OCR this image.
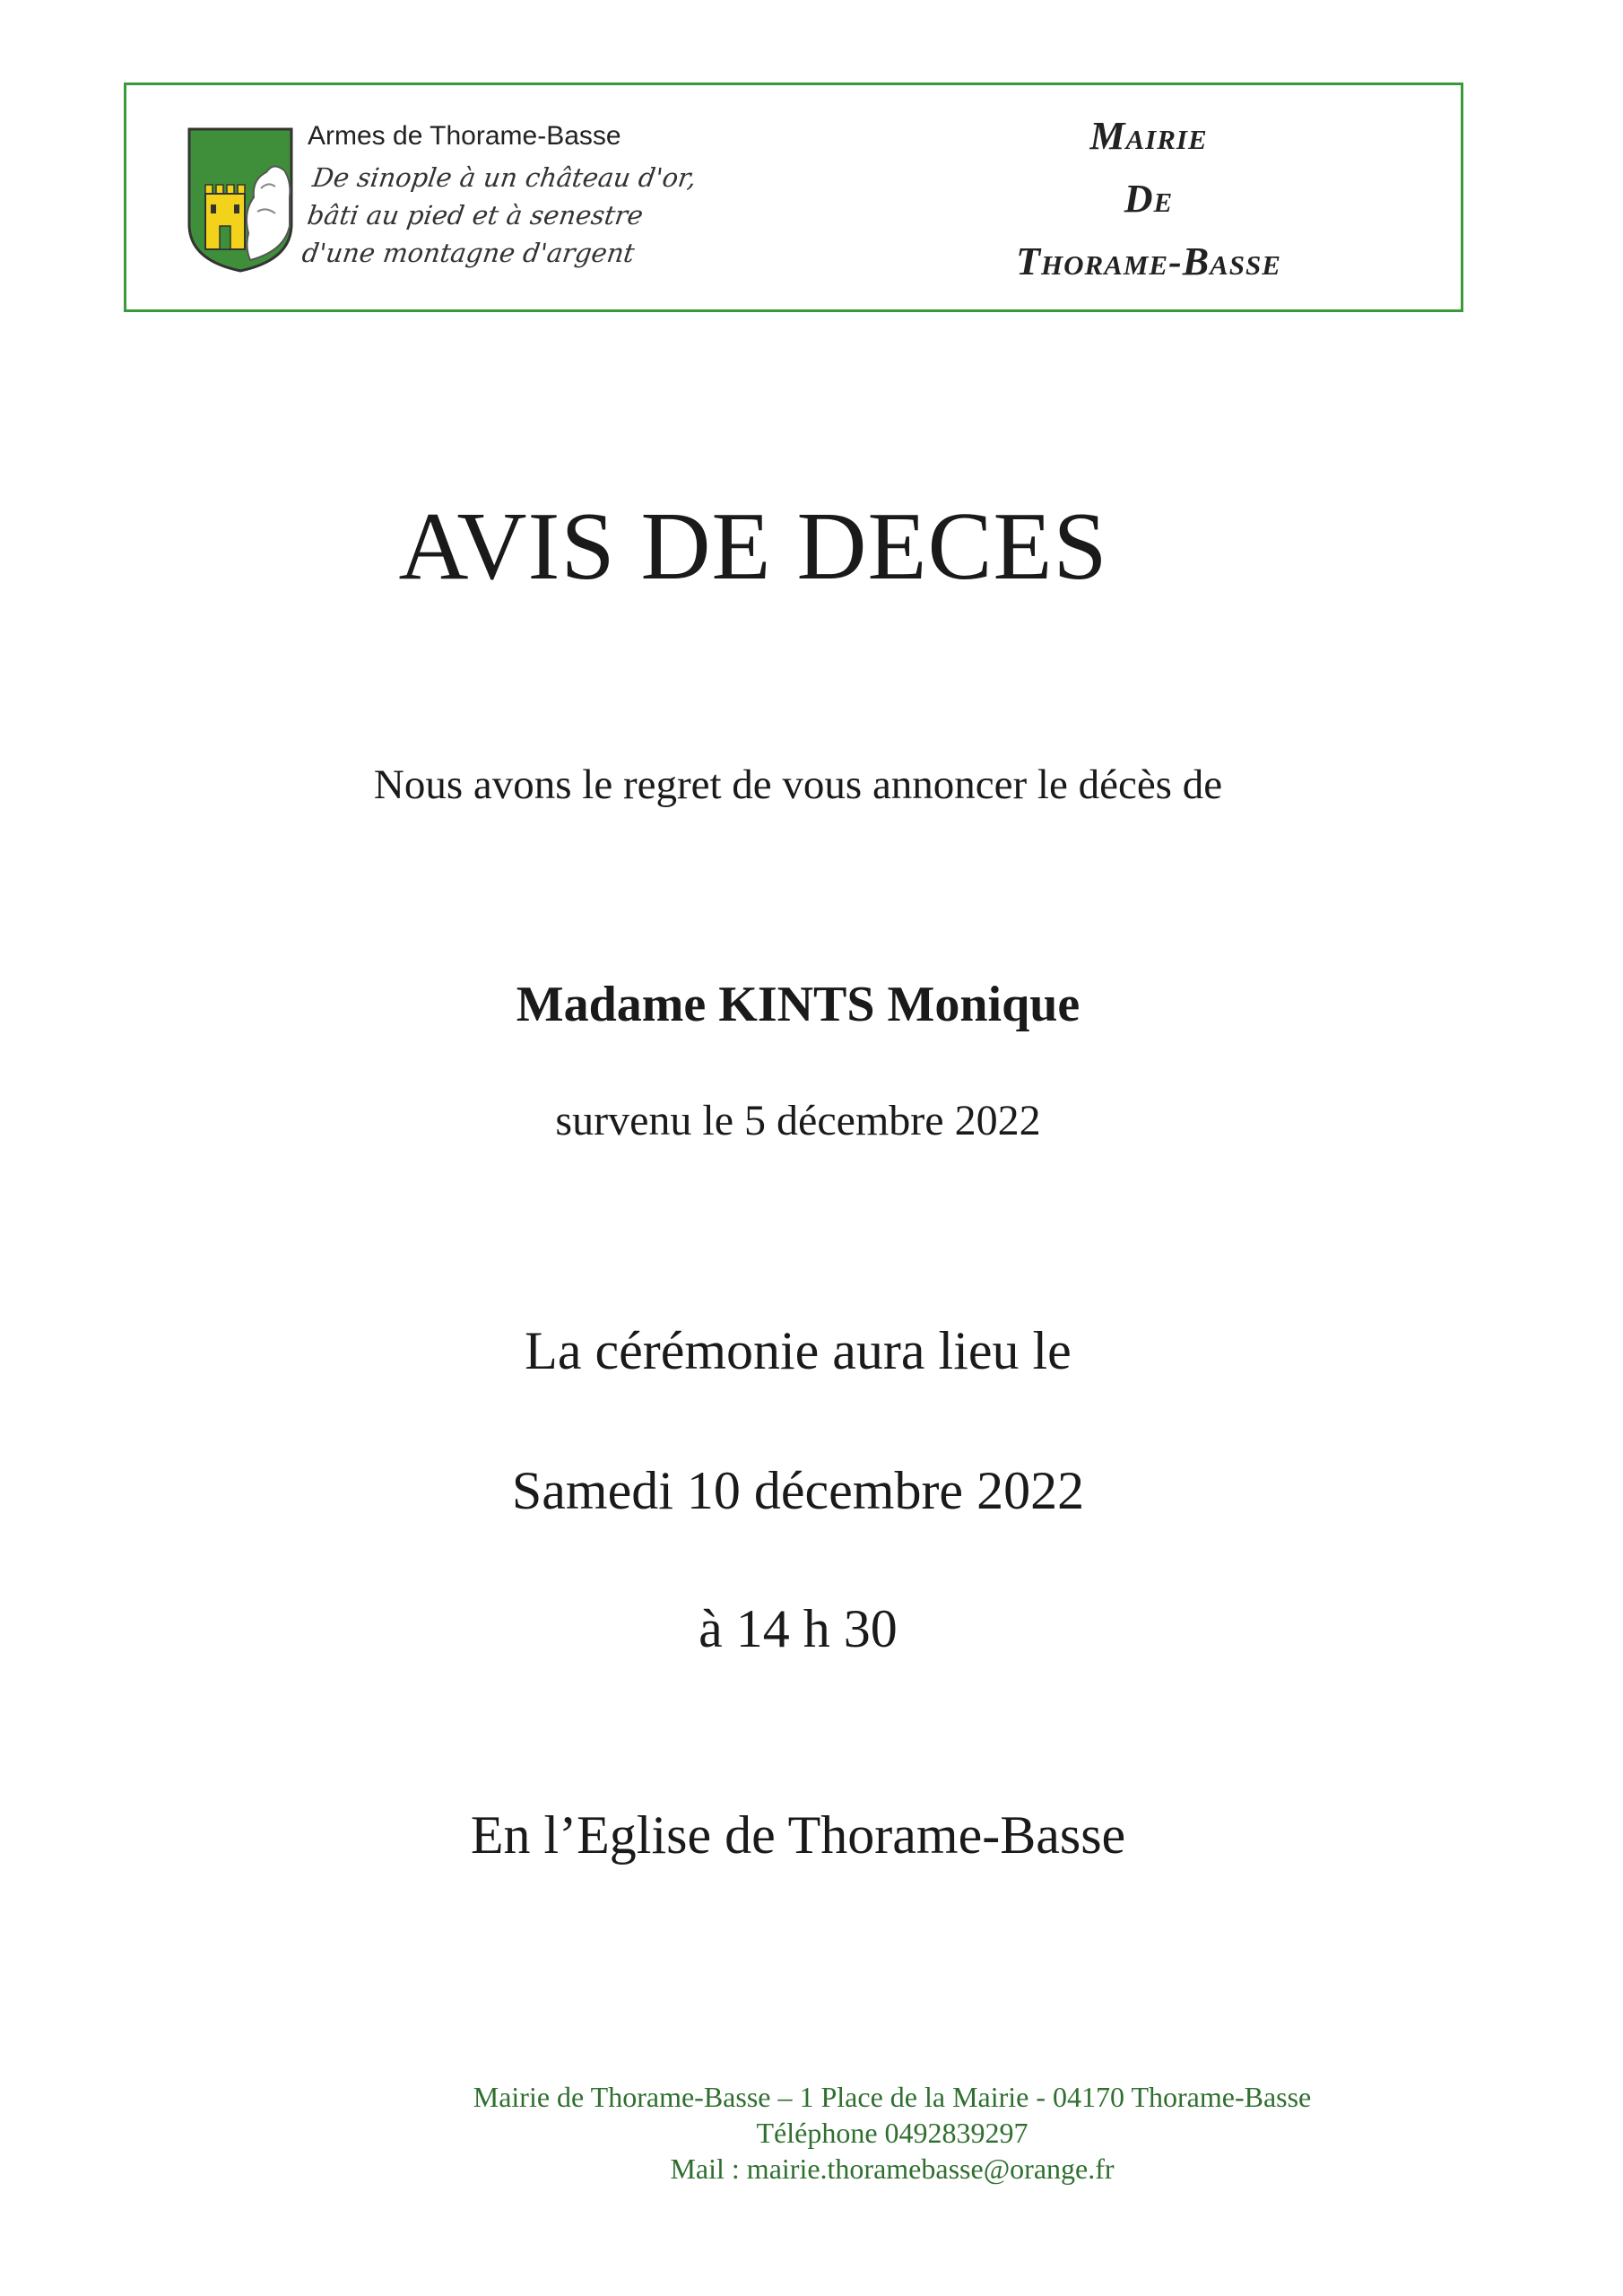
Armes de Thorame-Basse
De sinople à un château d'or,
bâti au pied et à senestre
d'une montagne d'argent
Mairie
De
Thorame-Basse
AVIS DE DECES
Nous avons le regret de vous annoncer le décès de
Madame KINTS Monique
survenu le 5 décembre 2022
La cérémonie aura lieu le
Samedi 10 décembre 2022
à 14 h 30
En l’Eglise de Thorame-Basse
Mairie de Thorame-Basse – 1 Place de la Mairie - 04170 Thorame-Basse
Téléphone 0492839297
Mail : mairie.thoramebasse@orange.fr
